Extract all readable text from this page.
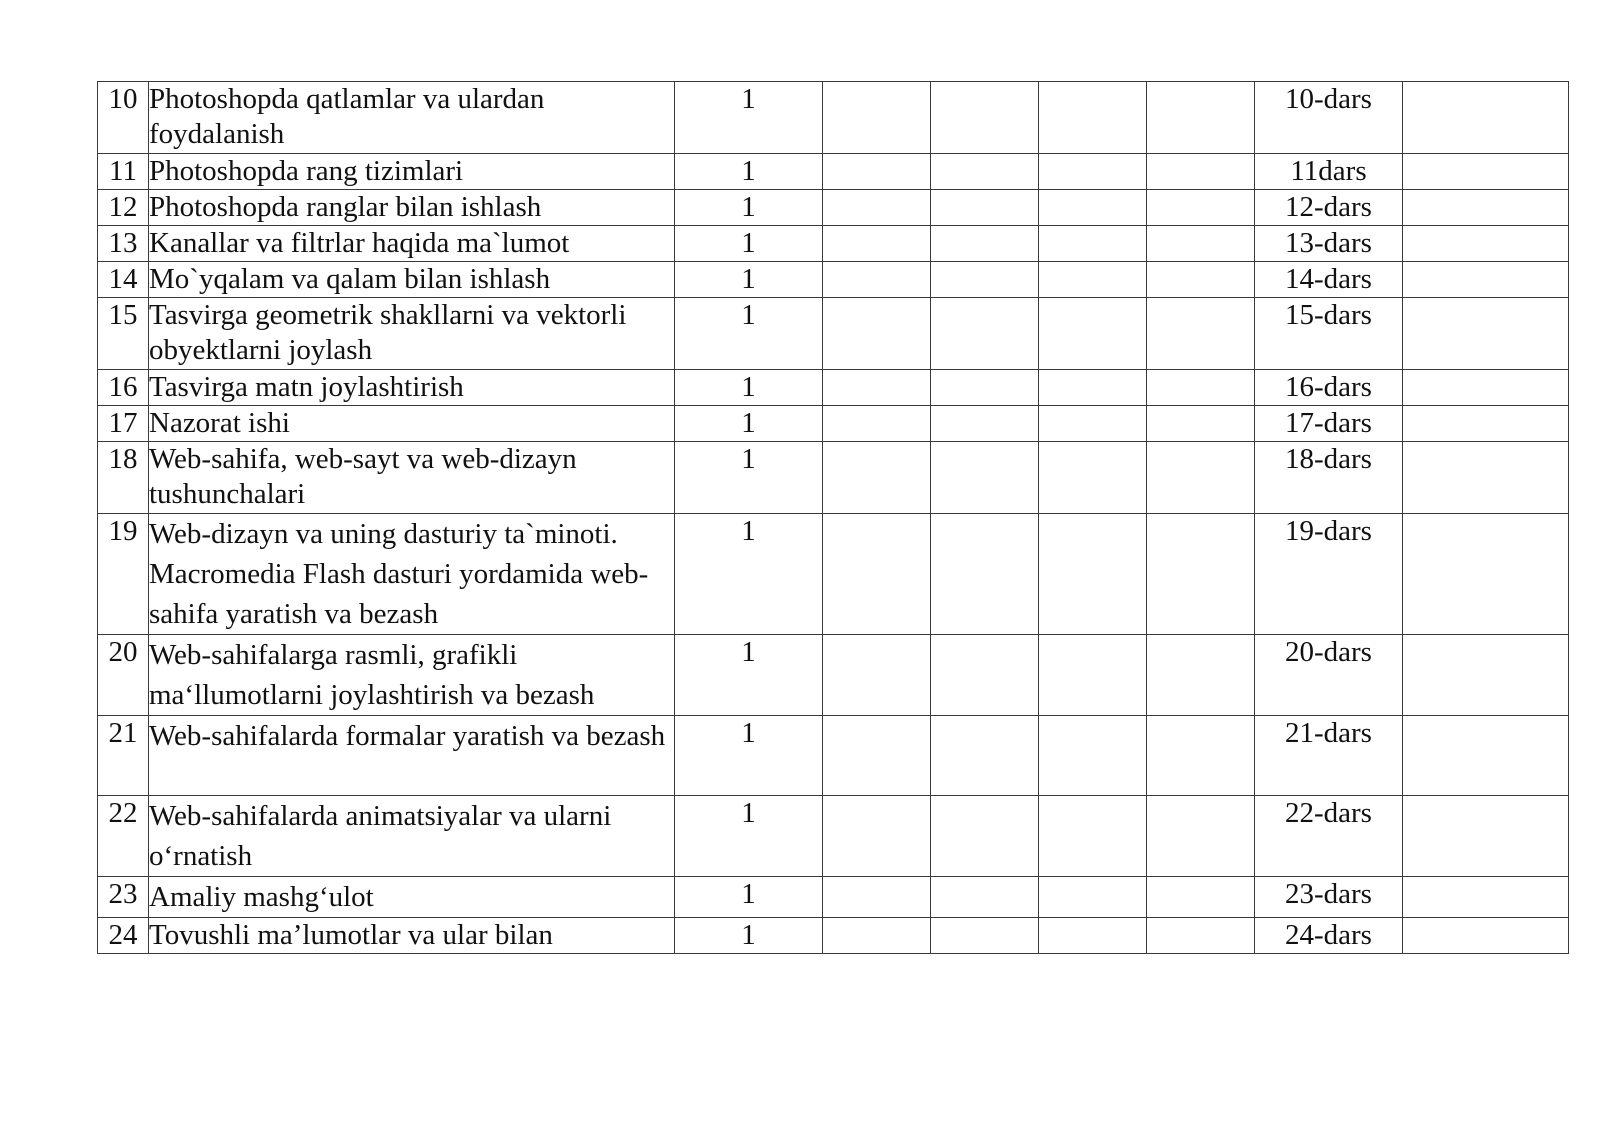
10	Photoshopda qatlamlar va ulardan foydalanish	1					10-dars	
11	Photoshopda rang tizimlari	1					11dars	
12	Photoshopda ranglar bilan ishlash	1					12-dars	
13	Kanallar va filtrlar haqida ma`lumot	1					13-dars	
14	Mo`yqalam va qalam bilan ishlash	1					14-dars	
15	Tasvirga geometrik shakllarni va vektorli obyektlarni joylash	1					15-dars	
16	Tasvirga matn joylashtirish	1					16-dars	
17	Nazorat ishi	1					17-dars	
18	Web-sahifa, web-sayt va web-dizayn tushunchalari	1					18-dars	
19	Web-dizayn va uning dasturiy ta`minoti. Macromedia Flash dasturi yordamida web-sahifa yaratish va bezash	1					19-dars	
20	Web-sahifalarga rasmli, grafikli ma‘llumotlarni joylashtirish va bezash	1					20-dars	
21	Web-sahifalarda formalar yaratish va bezash	1					21-dars	
22	Web-sahifalarda animatsiyalar va ularni o‘rnatish	1					22-dars	
23	Amaliy mashg‘ulot	1					23-dars	
24	Tovushli ma’lumotlar va ular bilan	1					24-dars	
